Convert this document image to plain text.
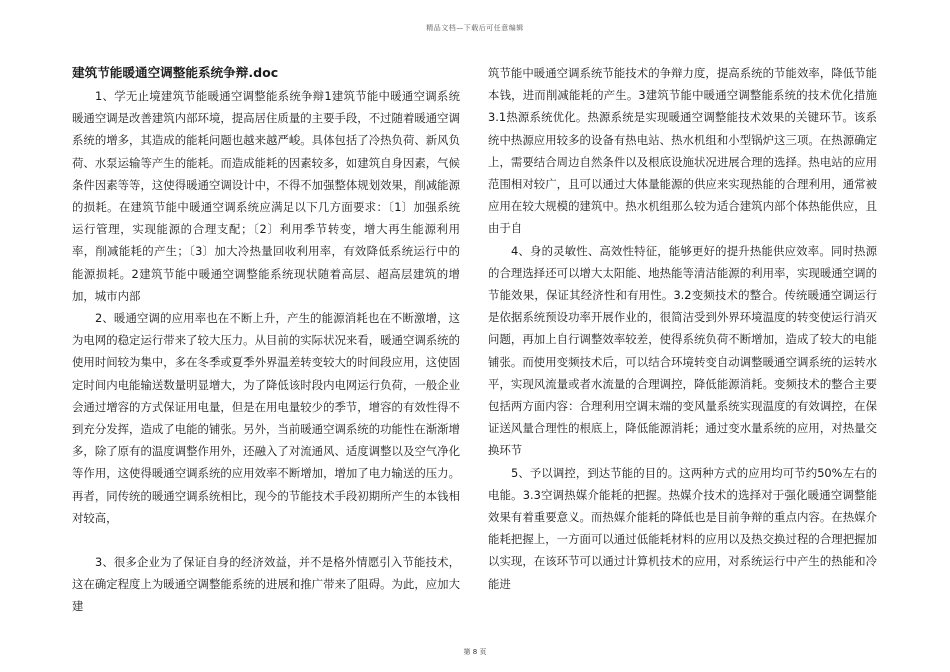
精品文档—下载后可任意编辑
建筑节能暖通空调整能系统争辩.doc

1、学无止境建筑节能暖通空调整能系统争辩1建筑节能中暖通空调系统暖通空调是改善建筑内部环境，提高居住质量的主要手段，不过随着暖通空调系统的增多，其造成的能耗问题也越来越严峻。具体包括了冷热负荷、新风负荷、水泵运输等产生的能耗。而造成能耗的因素较多，如建筑自身因素，气候条件因素等等，这使得暖通空调设计中，不得不加强整体规划效果，削减能源的损耗。在建筑节能中暖通空调系统应满足以下几方面要求：〔1〕加强系统运行管理，实现能源的合理支配；〔2〕利用季节转变，增大再生能源利用率，削减能耗的产生；〔3〕加大冷热量回收利用率，有效降低系统运行中的能源损耗。2建筑节能中暖通空调整能系统现状随着高层、超高层建筑的增加，城市内部

2、暖通空调的应用率也在不断上升，产生的能源消耗也在不断激增，这为电网的稳定运行带来了较大压力。从目前的实际状况来看，暖通空调系统的使用时间较为集中，多在冬季或夏季外界温差转变较大的时间段应用，这使固定时间内电能输送数量明显增大，为了降低该时段内电网运行负荷，一般企业会通过增容的方式保证用电量，但是在用电量较少的季节，增容的有效性得不到充分发挥，造成了电能的铺张。另外，当前暖通空调系统的功能性在渐渐增多，除了原有的温度调整作用外，还融入了对流通风、适度调整以及空气净化等作用，这使得暖通空调系统的应用效率不断增加，增加了电力输送的压力。再者，同传统的暖通空调系统相比，现今的节能技术手段初期所产生的本钱相对较高，

3、很多企业为了保证自身的经济效益，并不是格外情愿引入节能技术，这在确定程度上为暖通空调整能系统的进展和推广带来了阻碍。为此，应加大建

筑节能中暖通空调系统节能技术的争辩力度，提高系统的节能效率，降低节能本钱，进而削减能耗的产生。3建筑节能中暖通空调整能系统的技术优化措施3.1热源系统优化。热源系统是实现暖通空调整能技术效果的关键环节。该系统中热源应用较多的设备有热电站、热水机组和小型锅炉这三项。在热源确定上，需要结合周边自然条件以及根底设施状况进展合理的选择。热电站的应用范围相对较广，且可以通过大体量能源的供应来实现热能的合理利用，通常被应用在较大规模的建筑中。热水机组那么较为适合建筑内部个体热能供应，且由于自

4、身的灵敏性、高效性特征，能够更好的提升热能供应效率。同时热源的合理选择还可以增大太阳能、地热能等清洁能源的利用率，实现暖通空调的节能效果，保证其经济性和有用性。3.2变频技术的整合。传统暖通空调运行是依据系统预设功率开展作业的，很简洁受到外界环境温度的转变使运行消灭问题，再加上自行调整效率较差，使得系统负荷不断增加，造成了较大的电能铺张。而使用变频技术后，可以结合环境转变自动调整暖通空调系统的运转水平，实现风流量或者水流量的合理调控，降低能源消耗。变频技术的整合主要包括两方面内容：合理利用空调末端的变风量系统实现温度的有效调控，在保证送风量合理性的根底上，降低能源消耗；通过变水量系统的应用，对热量交换环节

5、予以调控，到达节能的目的。这两种方式的应用均可节约50%左右的电能。3.3空调热媒介能耗的把握。热媒介技术的选择对于强化暖通空调整能效果有着重要意义。而热媒介能耗的降低也是目前争辩的重点内容。在热媒介能耗把握上，一方面可以通过低能耗材料的应用以及热交换过程的合理把握加以实现，在该环节可以通过计算机技术的应用，对系统运行中产生的热能和冷能进

第 8 页
